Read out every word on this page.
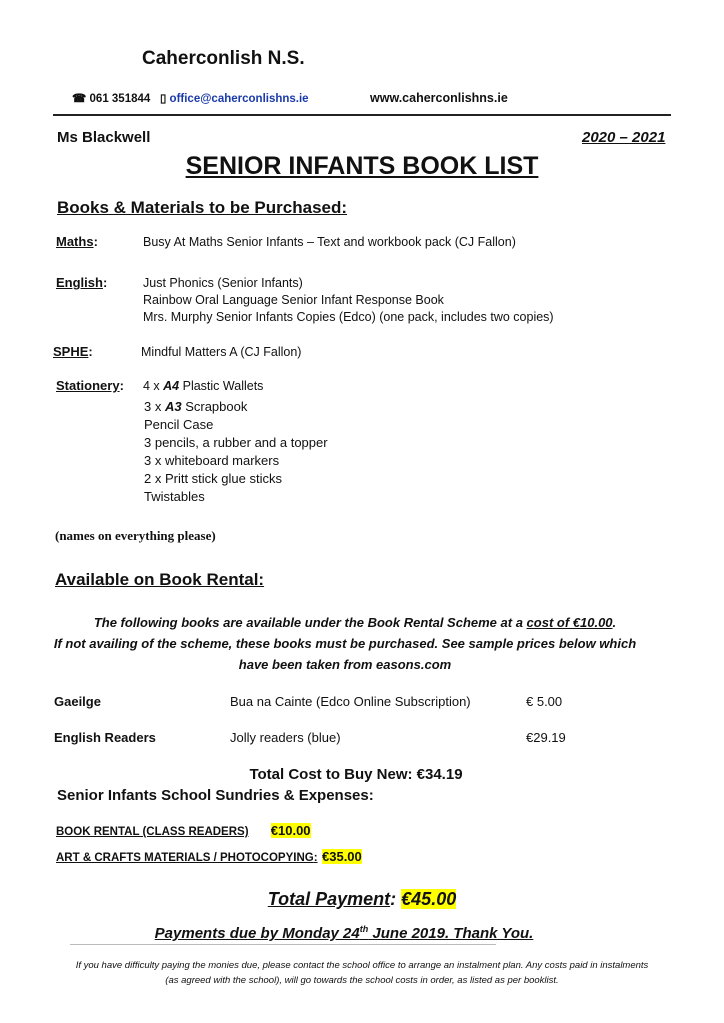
Caherconlish N.S.
☎ 061 351844 ▯ office@caherconlishns.ie	www.caherconlishns.ie
Ms Blackwell	2020 – 2021
SENIOR INFANTS BOOK LIST
Books & Materials to be Purchased:
Maths:	Busy At Maths Senior Infants – Text and workbook pack (CJ Fallon)
English:	Just Phonics (Senior Infants)
Rainbow Oral Language Senior Infant Response Book
Mrs. Murphy Senior Infants Copies (Edco) (one pack, includes two copies)
SPHE:	Mindful Matters A (CJ Fallon)
Stationery: 4 x A4 Plastic Wallets
3 x A3 Scrapbook
Pencil Case
3 pencils, a rubber and a topper
3 x whiteboard markers
2 x Pritt stick glue sticks
Twistables
(names on everything please)
Available on Book Rental:
The following books are available under the Book Rental Scheme at a cost of €10.00.
If not availing of the scheme, these books must be purchased. See sample prices below which
have been taken from easons.com
Gaeilge	Bua na Cainte (Edco Online Subscription)	€ 5.00
English Readers	Jolly readers (blue)	€29.19
Total Cost to Buy New: €34.19
Senior Infants School Sundries & Expenses:
BOOK RENTAL (CLASS READERS) €10.00
ART & CRAFTS MATERIALS / PHOTOCOPYING: €35.00
Total Payment: €45.00
Payments due by Monday 24th June 2019. Thank You.
If you have difficulty paying the monies due, please contact the school office to arrange an instalment plan. Any costs paid in instalments
(as agreed with the school), will go towards the school costs in order, as listed as per booklist.
